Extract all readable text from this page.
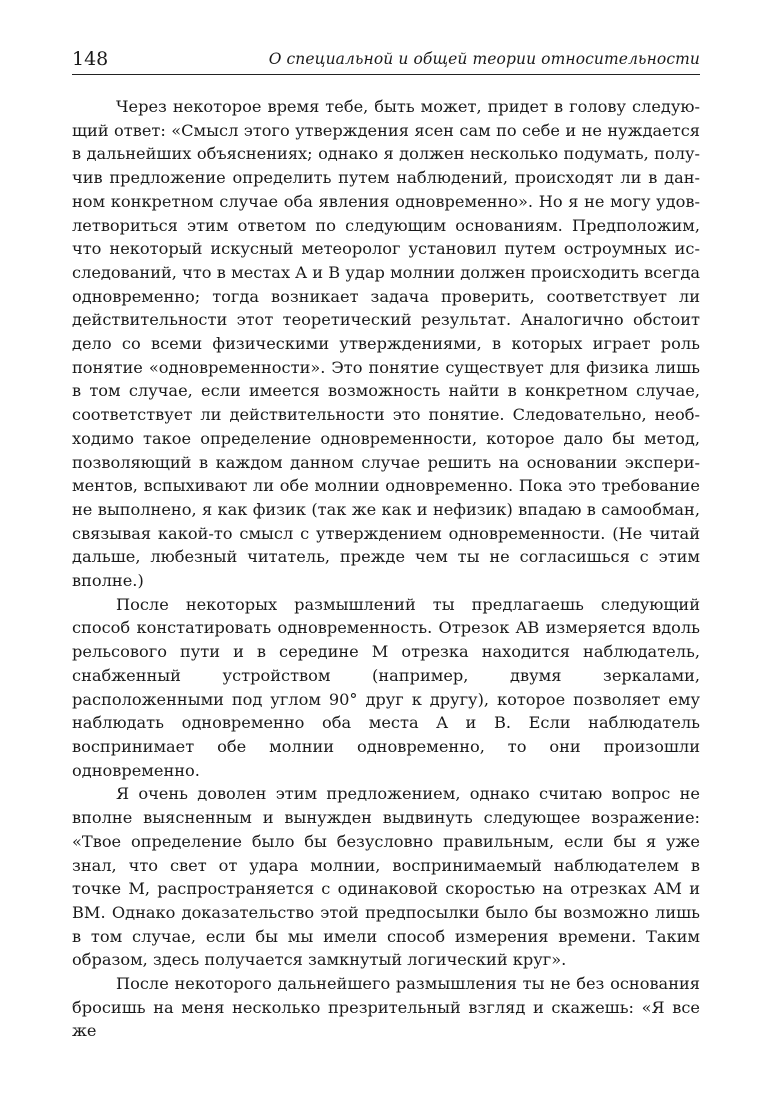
148	О специальной и общей теории относительности

Через некоторое время тебе, быть может, придет в голову следующий ответ: «Смысл этого утверждения ясен сам по себе и не нуждается в дальнейших объяснениях; однако я должен несколько подумать, получив предложение определить путем наблюдений, происходят ли в данном конкретном случае оба явления одновременно». Но я не могу удовлетвориться этим ответом по следующим основаниям. Предположим, что некоторый искусный метеоролог установил путем остроумных исследований, что в местах A и B удар молнии должен происходить всегда одновременно; тогда возникает задача проверить, соответствует ли действительности этот теоретический результат. Аналогично обстоит дело со всеми физическими утверждениями, в которых играет роль понятие «одновременности». Это понятие существует для физика лишь в том случае, если имеется возможность найти в конкретном случае, соответствует ли действительности это понятие. Следовательно, необходимо такое определение одновременности, которое дало бы метод, позволяющий в каждом данном случае решить на основании экспериментов, вспыхивают ли обе молнии одновременно. Пока это требование не выполнено, я как физик (так же как и нефизик) впадаю в самообман, связывая какой-то смысл с утверждением одновременности. (Не читай дальше, любезный читатель, прежде чем ты не согласишься с этим вполне.)

После некоторых размышлений ты предлагаешь следующий способ констатировать одновременность. Отрезок AB измеряется вдоль рельсового пути и в середине M отрезка находится наблюдатель, снабженный устройством (например, двумя зеркалами, расположенными под углом 90° друг к другу), которое позволяет ему наблюдать одновременно оба места A и B. Если наблюдатель воспринимает обе молнии одновременно, то они произошли одновременно.

Я очень доволен этим предложением, однако считаю вопрос не вполне выясненным и вынужден выдвинуть следующее возражение: «Твое определение было бы безусловно правильным, если бы я уже знал, что свет от удара молнии, воспринимаемый наблюдателем в точке M, распространяется с одинаковой скоростью на отрезках AM и BM. Однако доказательство этой предпосылки было бы возможно лишь в том случае, если бы мы имели способ измерения времени. Таким образом, здесь получается замкнутый логический круг».

После некоторого дальнейшего размышления ты не без основания бросишь на меня несколько презрительный взгляд и скажешь: «Я все же
